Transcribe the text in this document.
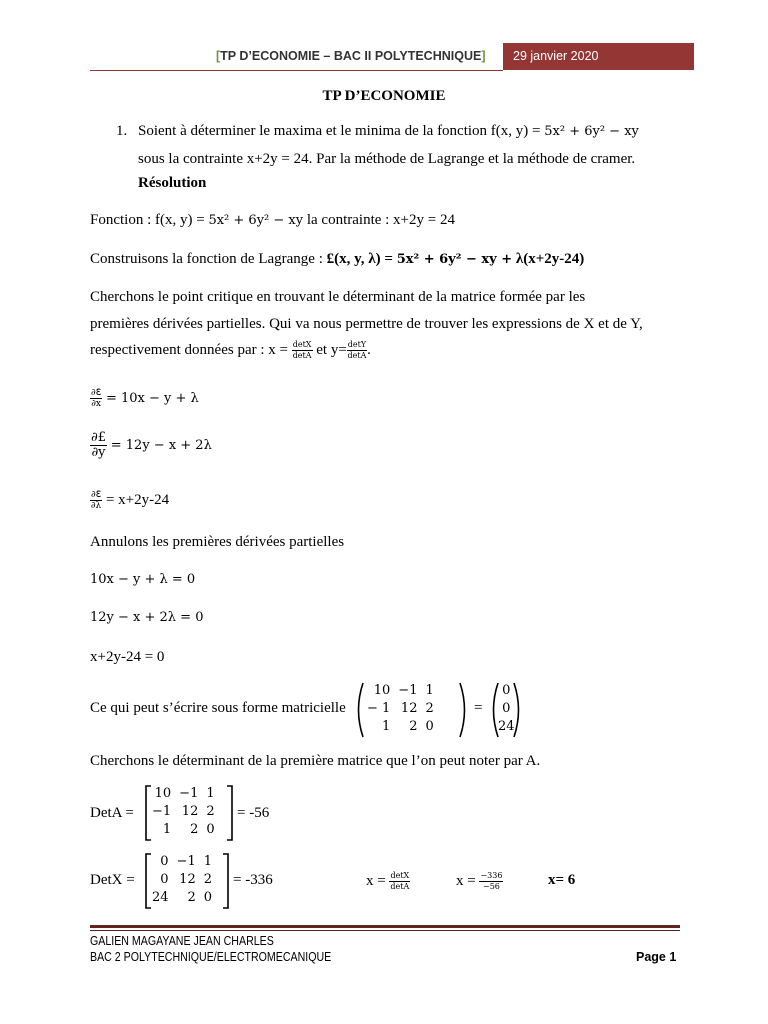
[TP D’ECONOMIE – BAC II POLYTECHNIQUE]	29 janvier 2020
TP D’ECONOMIE
1. Soient à déterminer le maxima et le minima de la fonction f(x, y) = 5x² + 6y² − xy
sous la contrainte x+2y = 24. Par la méthode de Lagrange et la méthode de cramer.
Résolution
Fonction : f(x, y) = 5x² + 6y² − xy la contrainte : x+2y = 24
Construisons la fonction de Lagrange : £(x, y, λ) = 5x² + 6y² − xy + λ(x+2y-24)
Cherchons le point critique en trouvant le déterminant de la matrice formée par les
premières dérivées partielles. Qui va nous permettre de trouver les expressions de X et de Y,
respectivement données par : $x = \frac{\det X}{\det A}$ et $y= \frac{\det Y}{\det A}$ .
$\frac{\text{∂ℇ}}{\partial x} = 10x - y + \lambda$
∂£
∂y = 12y − x + 2λ
$\frac{\text{∂ℇ}}{\partial\lambda} = x+2y-24$
Annulons les premières dérivées partielles
10x − y + λ = 0
12y − x + 2λ = 0
x+2y-24 = 0
Ce qui peut s’écrire sous forme matricielle
10	−1	1
− 1	12	2
1	2	0
=
0
0
24
Cherchons le déterminant de la première matrice que l’on peut noter par A.
DetA =
10	−1	1
−1	12	2
1	2	0
= -56
DetX =
0	−1	1
0	12	2
24	2	0
= -336	$x = \frac{\det X}{\det A}$	$x = \frac{-336}{-56}$	x= 6
GALIEN MAGAYANE JEAN CHARLES
BAC 2 POLYTECHNIQUE/ELECTROMECANIQUE	Page 1
